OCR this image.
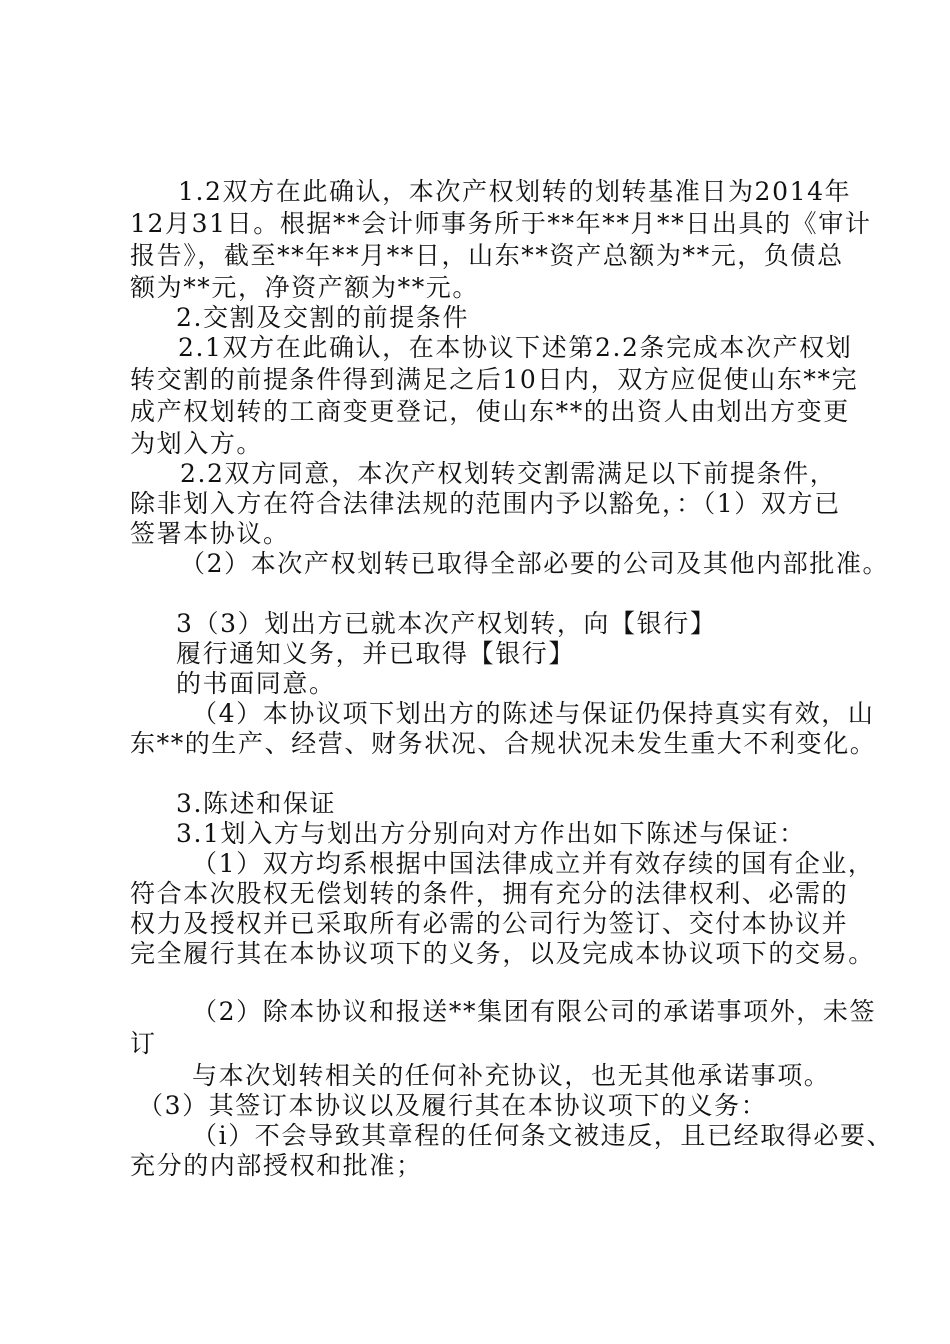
1.2双方在此确认，本次产权划转的划转基准日为2014年
12月31日。根据**会计师事务所于**年**月**日出具的《审计
报告》，截至**年**月**日，山东**资产总额为**元，负债总
额为**元，净资产额为**元。
2.交割及交割的前提条件
2.1双方在此确认，在本协议下述第2.2条完成本次产权划
转交割的前提条件得到满足之后10日内，双方应促使山东**完
成产权划转的工商变更登记，使山东**的出资人由划出方变更
为划入方。
2.2双方同意，本次产权划转交割需满足以下前提条件，
除非划入方在符合法律法规的范围内予以豁免，：（1）双方已
签署本协议。
（2）本次产权划转已取得全部必要的公司及其他内部批准。
3（3）划出方已就本次产权划转，向【银行】
履行通知义务，并已取得【银行】
的书面同意。
（4）本协议项下划出方的陈述与保证仍保持真实有效，山
东**的生产、经营、财务状况、合规状况未发生重大不利变化。
3.陈述和保证
3.1划入方与划出方分别向对方作出如下陈述与保证：
（1）双方均系根据中国法律成立并有效存续的国有企业，
符合本次股权无偿划转的条件，拥有充分的法律权利、必需的
权力及授权并已采取所有必需的公司行为签订、交付本协议并
完全履行其在本协议项下的义务，以及完成本协议项下的交易。
（2）除本协议和报送**集团有限公司的承诺事项外，未签
订
与本次划转相关的任何补充协议，也无其他承诺事项。
（3）其签订本协议以及履行其在本协议项下的义务：
（i）不会导致其章程的任何条文被违反，且已经取得必要、
充分的内部授权和批准；
